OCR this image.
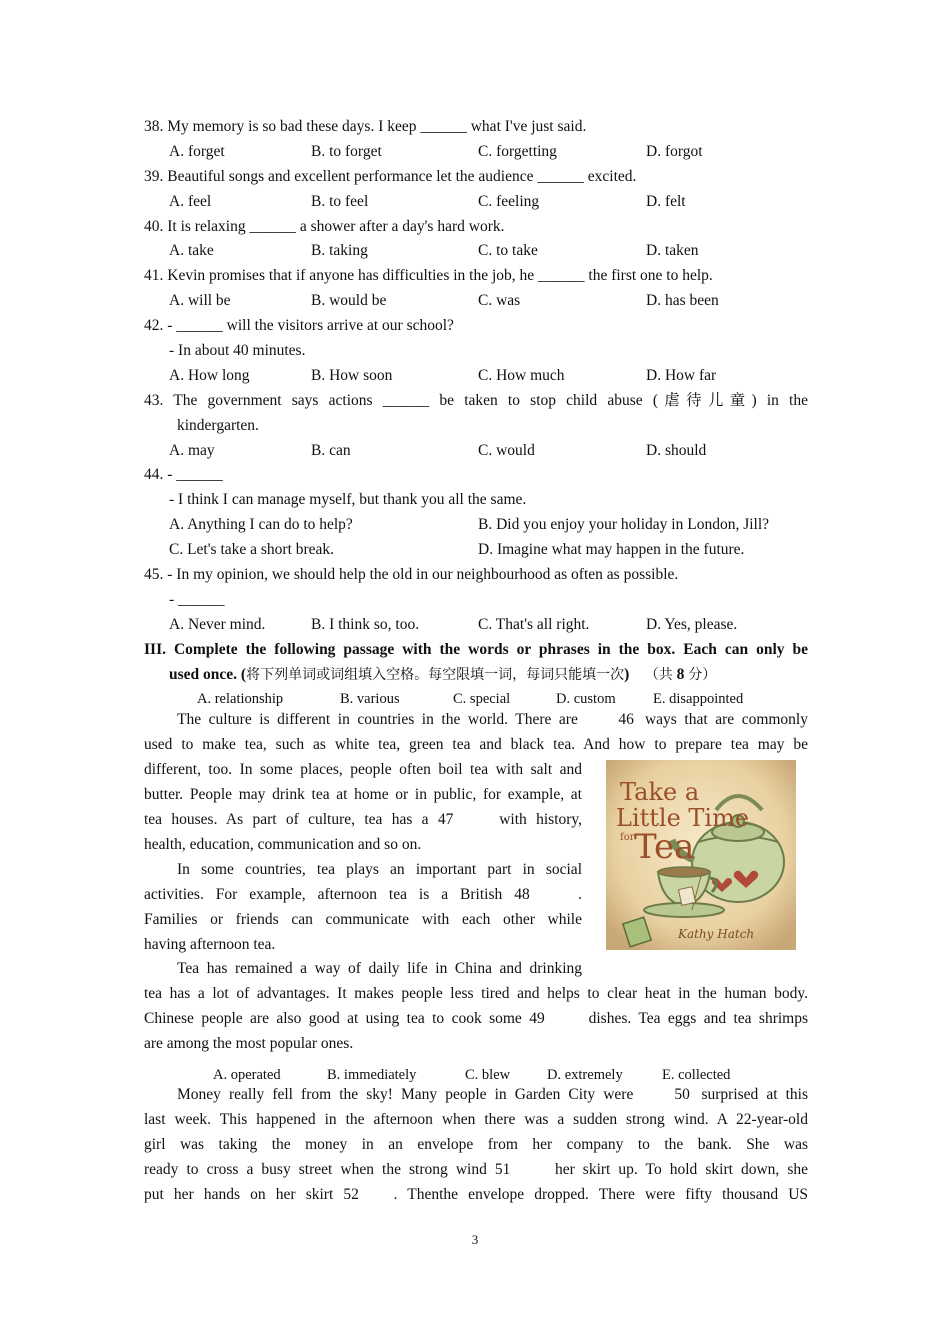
38. My memory is so bad these days. I keep ______ what I've just said.
A. forget	B. to forget	C. forgetting	D. forgot
39. Beautiful songs and excellent performance let the audience ______ excited.
A. feel	B. to feel	C. feeling	D. felt
40. It is relaxing ______ a shower after a day's hard work.
A. take	B. taking	C. to take	D. taken
41. Kevin promises that if anyone has difficulties in the job, he ______ the first one to help.
A. will be	B. would be	C. was	D. has been
42. - ______ will the visitors arrive at our school?
- In about 40 minutes.
A. How long	B. How soon	C. How much	D. How far
43. The government says actions ______ be taken to stop child abuse (虐待儿童) in the
kindergarten.
A. may	B. can	C. would	D. should
44. - ______
- I think I can manage myself, but thank you all the same.
A. Anything I can do to help?	B. Did you enjoy your holiday in London, Jill?
C. Let's take a short break.	D. Imagine what may happen in the future.
45. - In my opinion, we should help the old in our neighbourhood as often as possible.
- ______
A. Never mind.	B. I think so, too.	C. That's all right.	D. Yes, please.
III. Complete the following passage with the words or phrases in the box. Each can only be
used once. (将下列单词或词组填入空格。每空限填一词，每词只能填一次) （共 8 分）
A. relationship	B. various	C. special	D. custom	E. disappointed
The culture is different in countries in the world. There are	46 ways that are commonly
used to make tea, such as white tea, green tea and black tea. And how to prepare tea may be
different, too. In some places, people often boil tea with salt and
butter. People may drink tea at home or in public, for example, at
tea houses. As part of culture, tea has a 47	with history,
health, education, communication and so on.
In some countries, tea plays an important part in social
activities. For example, afternoon tea is a British 48	.
Families or friends can communicate with each other while
having afternoon tea.
Tea has remained a way of daily life in China and drinking
Take a
Little Time
for Tea
Kathy Hatch
tea has a lot of advantages. It makes people less tired and helps to clear heat in the human body.
Chinese people are also good at using tea to cook some 49	dishes. Tea eggs and tea shrimps
are among the most popular ones.
A. operated	B. immediately	C. blew	D. extremely	E. collected
Money really fell from the sky! Many people in Garden City were	50 surprised at this
last week. This happened in the afternoon when there was a sudden strong wind. A 22-year-old
girl was taking the money in an envelope from her company to the bank. She was
ready to cross a busy street when the strong wind 51	her skirt up. To hold skirt down, she
put her hands on her skirt 52 . Thenthe envelope dropped. There were fifty thousand US
3
